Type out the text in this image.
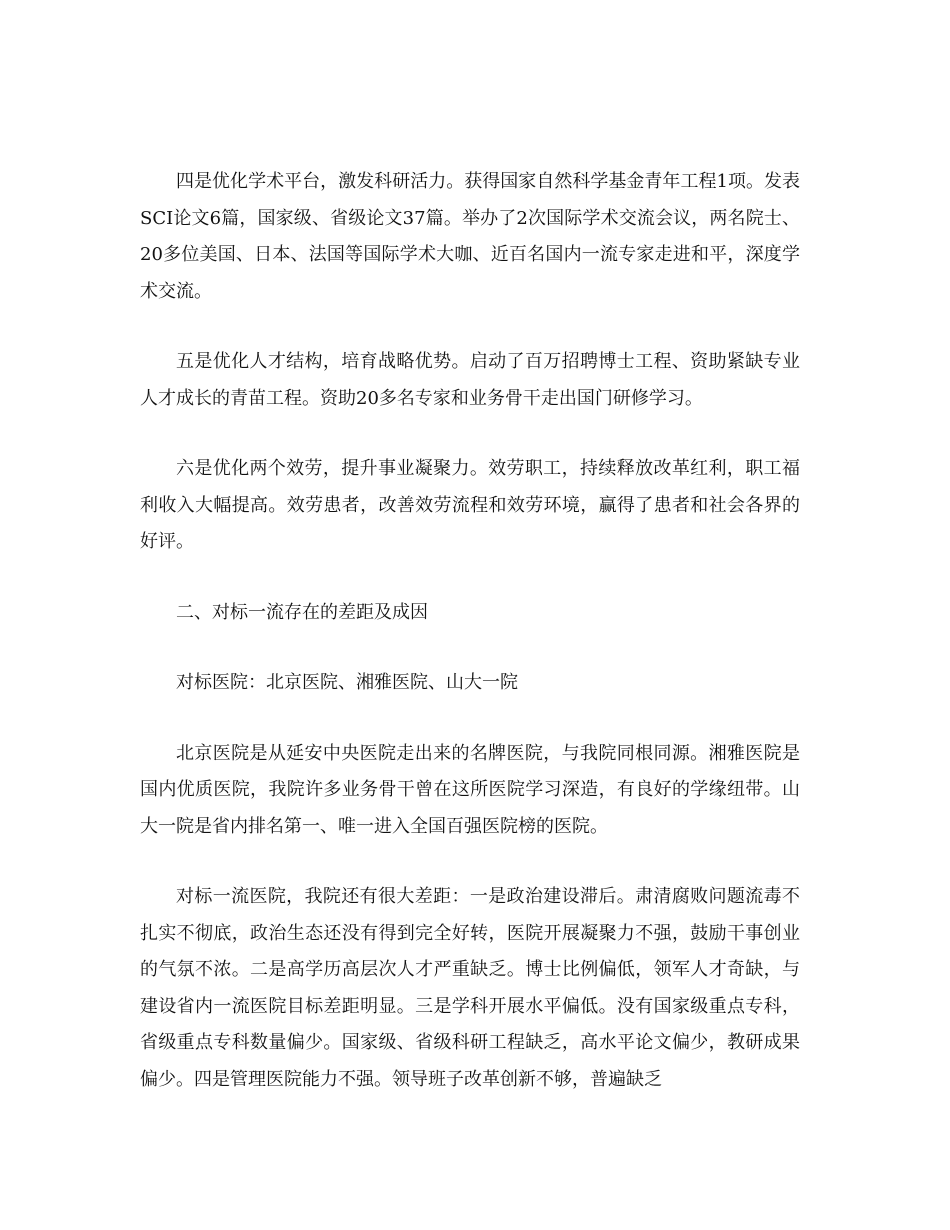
四是优化学术平台，激发科研活力。获得国家自然科学基金青年工程1项。发表SCI论文6篇，国家级、省级论文37篇。举办了2次国际学术交流会议，两名院士、20多位美国、日本、法国等国际学术大咖、近百名国内一流专家走进和平，深度学术交流。

五是优化人才结构，培育战略优势。启动了百万招聘博士工程、资助紧缺专业人才成长的青苗工程。资助20多名专家和业务骨干走出国门研修学习。

六是优化两个效劳，提升事业凝聚力。效劳职工，持续释放改革红利，职工福利收入大幅提高。效劳患者，改善效劳流程和效劳环境，赢得了患者和社会各界的好评。

二、对标一流存在的差距及成因

对标医院：北京医院、湘雅医院、山大一院

北京医院是从延安中央医院走出来的名牌医院，与我院同根同源。湘雅医院是国内优质医院，我院许多业务骨干曾在这所医院学习深造，有良好的学缘纽带。山大一院是省内排名第一、唯一进入全国百强医院榜的医院。

对标一流医院，我院还有很大差距：一是政治建设滞后。肃清腐败问题流毒不扎实不彻底，政治生态还没有得到完全好转，医院开展凝聚力不强，鼓励干事创业的气氛不浓。二是高学历高层次人才严重缺乏。博士比例偏低，领军人才奇缺，与建设省内一流医院目标差距明显。三是学科开展水平偏低。没有国家级重点专科，省级重点专科数量偏少。国家级、省级科研工程缺乏，高水平论文偏少，教研成果偏少。四是管理医院能力不强。领导班子改革创新不够，普遍缺乏
